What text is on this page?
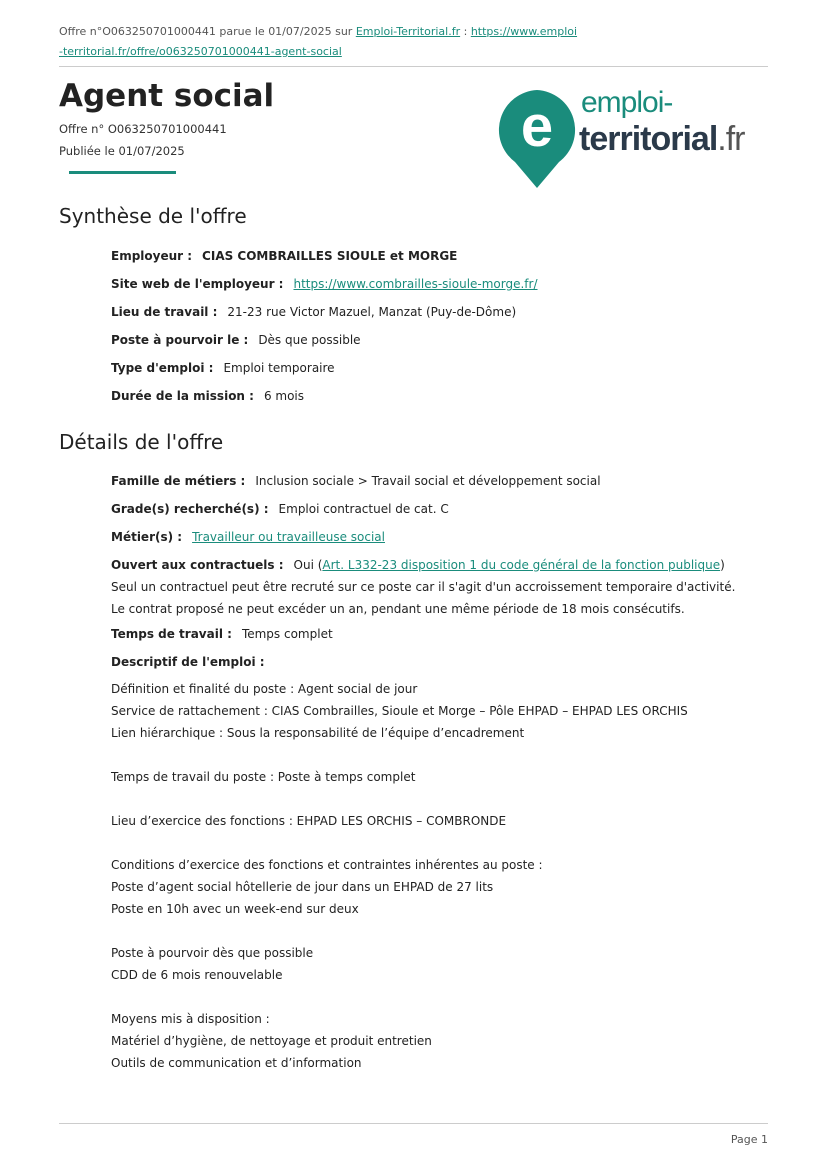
Offre n°O063250701000441 parue le 01/07/2025 sur Emploi-Territorial.fr : https://www.emploi-territorial.fr/offre/o063250701000441-agent-social
Agent social
Offre n° O063250701000441
Publiée le 01/07/2025	e emploi-
territorial.fr
Synthèse de l'offre
Employeur : CIAS COMBRAILLES SIOULE et MORGE
Site web de l'employeur : https://www.combrailles-sioule-morge.fr/
Lieu de travail : 21-23 rue Victor Mazuel, Manzat (Puy-de-Dôme)
Poste à pourvoir le : Dès que possible
Type d'emploi : Emploi temporaire
Durée de la mission : 6 mois
Détails de l'offre
Famille de métiers : Inclusion sociale > Travail social et développement social
Grade(s) recherché(s) : Emploi contractuel de cat. C
Métier(s) : Travailleur ou travailleuse social
Ouvert aux contractuels : Oui (Art. L332-23 disposition 1 du code général de la fonction publique)
Seul un contractuel peut être recruté sur ce poste car il s'agit d'un accroissement temporaire d'activité. Le contrat proposé ne peut excéder un an, pendant une même période de 18 mois consécutifs.
Temps de travail : Temps complet
Descriptif de l'emploi :
Définition et finalité du poste : Agent social de jour
Service de rattachement : CIAS Combrailles, Sioule et Morge – Pôle EHPAD – EHPAD LES ORCHIS
Lien hiérarchique : Sous la responsabilité de l’équipe d’encadrement
Temps de travail du poste : Poste à temps complet
Lieu d’exercice des fonctions : EHPAD LES ORCHIS – COMBRONDE
Conditions d’exercice des fonctions et contraintes inhérentes au poste :
Poste d’agent social hôtellerie de jour dans un EHPAD de 27 lits
Poste en 10h avec un week-end sur deux
Poste à pourvoir dès que possible
CDD de 6 mois renouvelable
Moyens mis à disposition :
Matériel d’hygiène, de nettoyage et produit entretien
Outils de communication et d’information
Page 1
